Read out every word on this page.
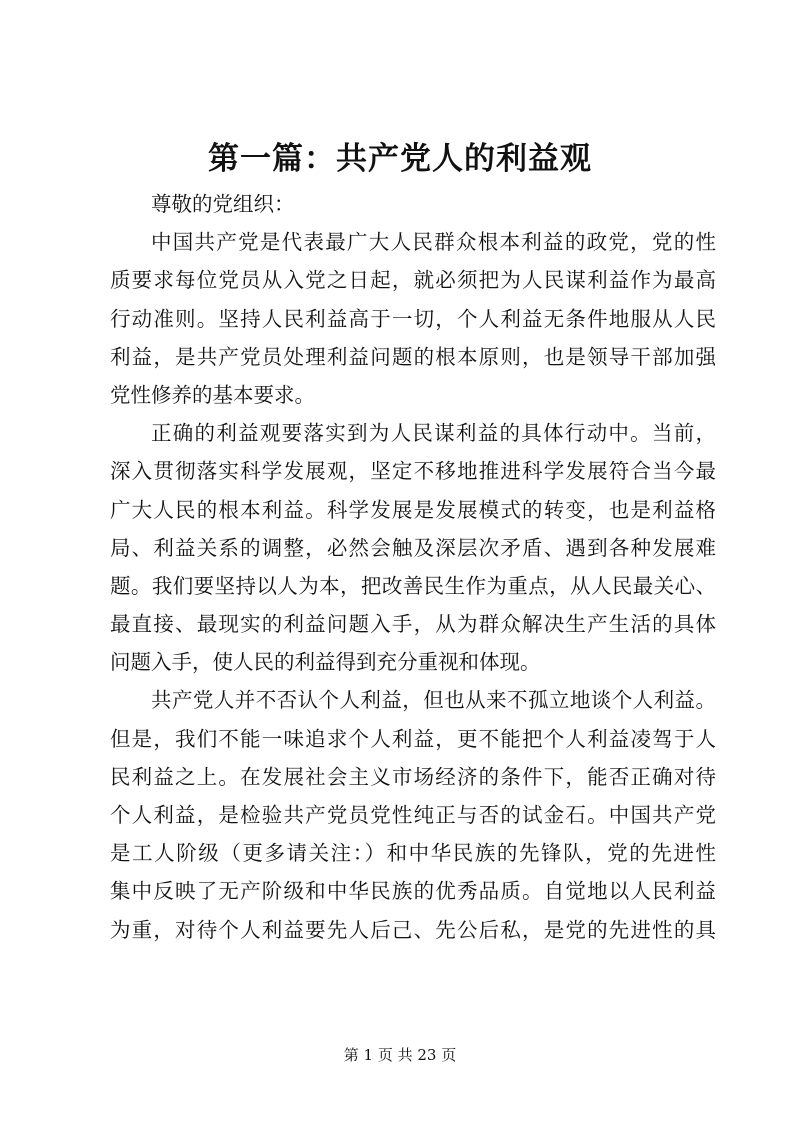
第一篇：共产党人的利益观
尊敬的党组织：
中国共产党是代表最广大人民群众根本利益的政党，党的性
质要求每位党员从入党之日起，就必须把为人民谋利益作为最高
行动准则。坚持人民利益高于一切，个人利益无条件地服从人民
利益，是共产党员处理利益问题的根本原则，也是领导干部加强
党性修养的基本要求。
正确的利益观要落实到为人民谋利益的具体行动中。当前，
深入贯彻落实科学发展观，坚定不移地推进科学发展符合当今最
广大人民的根本利益。科学发展是发展模式的转变，也是利益格
局、利益关系的调整，必然会触及深层次矛盾、遇到各种发展难
题。我们要坚持以人为本，把改善民生作为重点，从人民最关心、
最直接、最现实的利益问题入手，从为群众解决生产生活的具体
问题入手，使人民的利益得到充分重视和体现。
共产党人并不否认个人利益，但也从来不孤立地谈个人利益。
但是，我们不能一味追求个人利益，更不能把个人利益凌驾于人
民利益之上。在发展社会主义市场经济的条件下，能否正确对待
个人利益，是检验共产党员党性纯正与否的试金石。中国共产党
是工人阶级（更多请关注：）和中华民族的先锋队，党的先进性
集中反映了无产阶级和中华民族的优秀品质。自觉地以人民利益
为重，对待个人利益要先人后己、先公后私，是党的先进性的具
第 1 页 共 23 页
